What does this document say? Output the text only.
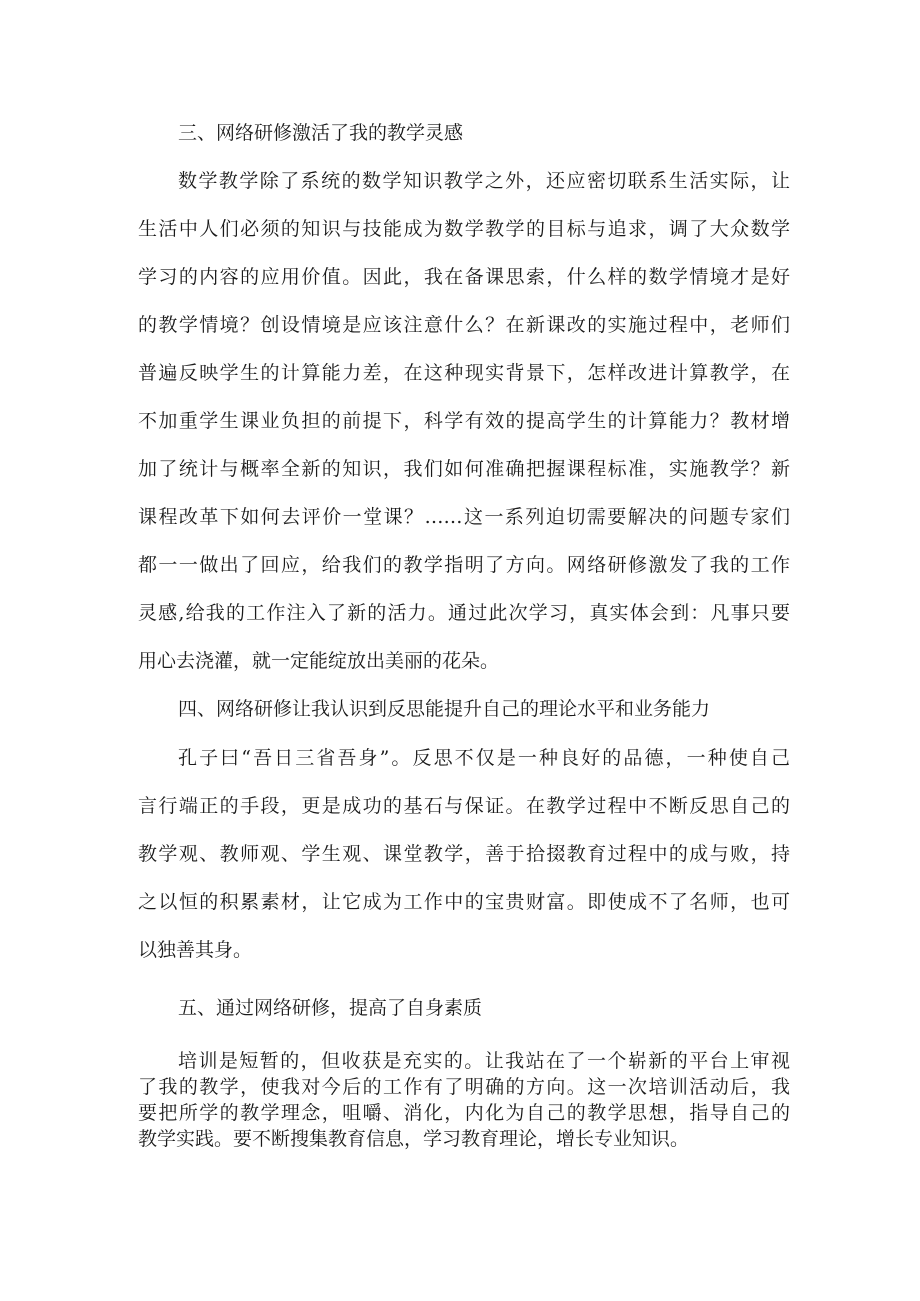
三、网络研修激活了我的教学灵感
数学教学除了系统的数学知识教学之外，还应密切联系生活实际，让
生活中人们必须的知识与技能成为数学教学的目标与追求，调了大众数学
学习的内容的应用价值。因此，我在备课思索，什么样的数学情境才是好
的教学情境？创设情境是应该注意什么？在新课改的实施过程中，老师们
普遍反映学生的计算能力差，在这种现实背景下，怎样改进计算教学，在
不加重学生课业负担的前提下，科学有效的提高学生的计算能力？教材增
加了统计与概率全新的知识，我们如何准确把握课程标准，实施教学？新
课程改革下如何去评价一堂课？……这一系列迫切需要解决的问题专家们
都一一做出了回应，给我们的教学指明了方向。网络研修激发了我的工作
灵感,给我的工作注入了新的活力。通过此次学习，真实体会到：凡事只要
用心去浇灌，就一定能绽放出美丽的花朵。
四、网络研修让我认识到反思能提升自己的理论水平和业务能力
孔子曰“吾日三省吾身”。反思不仅是一种良好的品德，一种使自己
言行端正的手段，更是成功的基石与保证。在教学过程中不断反思自己的
教学观、教师观、学生观、课堂教学，善于拾掇教育过程中的成与败，持
之以恒的积累素材，让它成为工作中的宝贵财富。即使成不了名师，也可
以独善其身。
五、通过网络研修，提高了自身素质
培训是短暂的，但收获是充实的。让我站在了一个崭新的平台上审视
了我的教学，使我对今后的工作有了明确的方向。这一次培训活动后，我
要把所学的教学理念，咀嚼、消化，内化为自己的教学思想，指导自己的
教学实践。要不断搜集教育信息，学习教育理论，增长专业知识。
